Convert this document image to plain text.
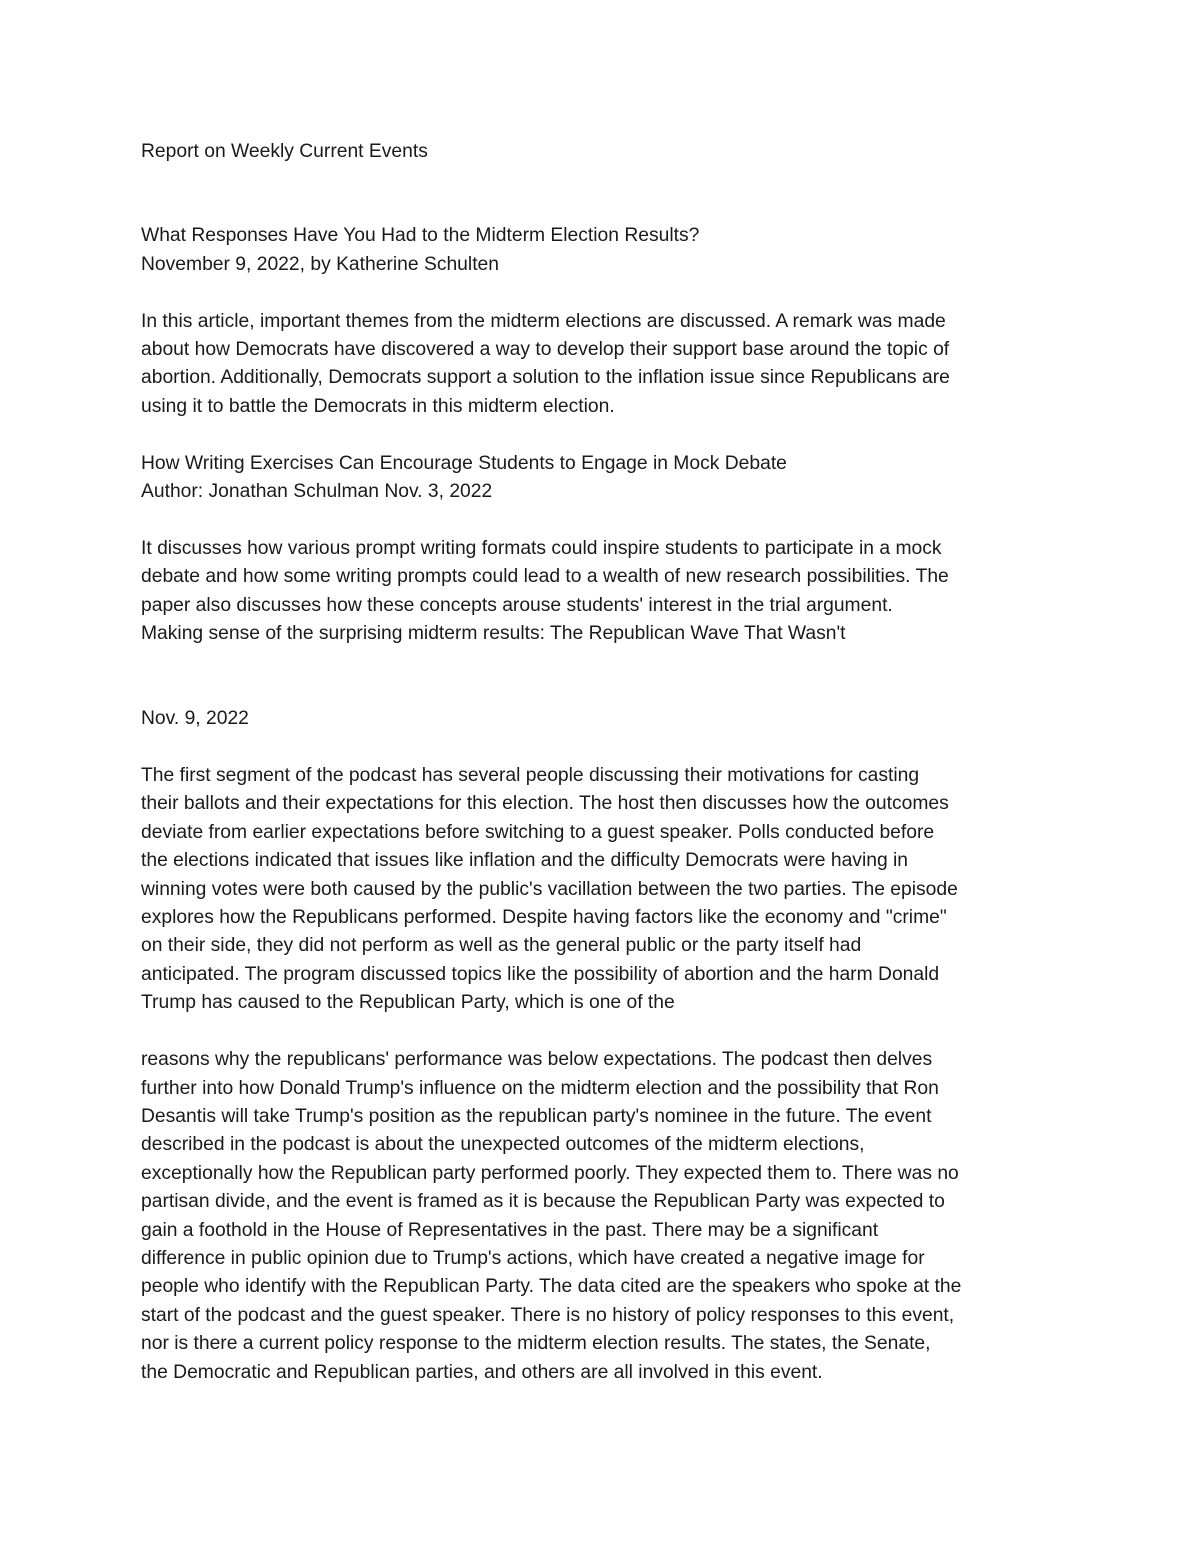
Report on Weekly Current Events
What Responses Have You Had to the Midterm Election Results?
November 9, 2022, by Katherine Schulten
In this article, important themes from the midterm elections are discussed. A remark was made
about how Democrats have discovered a way to develop their support base around the topic of
abortion. Additionally, Democrats support a solution to the inflation issue since Republicans are
using it to battle the Democrats in this midterm election.
How Writing Exercises Can Encourage Students to Engage in Mock Debate
Author: Jonathan Schulman Nov. 3, 2022
It discusses how various prompt writing formats could inspire students to participate in a mock
debate and how some writing prompts could lead to a wealth of new research possibilities. The
paper also discusses how these concepts arouse students' interest in the trial argument.
Making sense of the surprising midterm results: The Republican Wave That Wasn't
Nov. 9, 2022
The first segment of the podcast has several people discussing their motivations for casting
their ballots and their expectations for this election. The host then discusses how the outcomes
deviate from earlier expectations before switching to a guest speaker. Polls conducted before
the elections indicated that issues like inflation and the difficulty Democrats were having in
winning votes were both caused by the public's vacillation between the two parties. The episode
explores how the Republicans performed. Despite having factors like the economy and "crime"
on their side, they did not perform as well as the general public or the party itself had
anticipated. The program discussed topics like the possibility of abortion and the harm Donald
Trump has caused to the Republican Party, which is one of the
reasons why the republicans' performance was below expectations. The podcast then delves
further into how Donald Trump's influence on the midterm election and the possibility that Ron
Desantis will take Trump's position as the republican party's nominee in the future. The event
described in the podcast is about the unexpected outcomes of the midterm elections,
exceptionally how the Republican party performed poorly. They expected them to. There was no
partisan divide, and the event is framed as it is because the Republican Party was expected to
gain a foothold in the House of Representatives in the past. There may be a significant
difference in public opinion due to Trump's actions, which have created a negative image for
people who identify with the Republican Party. The data cited are the speakers who spoke at the
start of the podcast and the guest speaker. There is no history of policy responses to this event,
nor is there a current policy response to the midterm election results. The states, the Senate,
the Democratic and Republican parties, and others are all involved in this event.
